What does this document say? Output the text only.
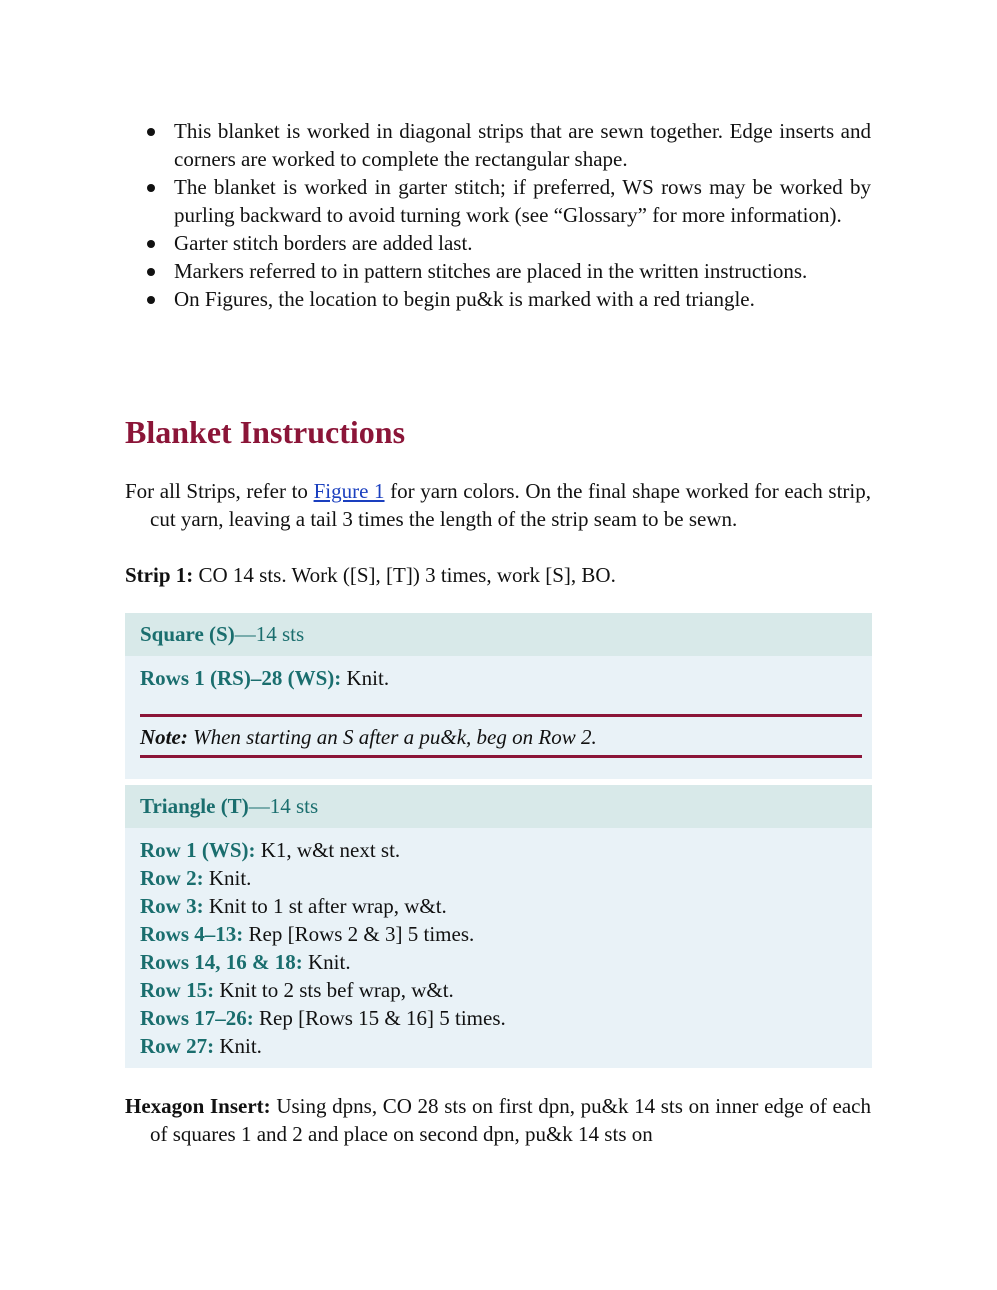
This blanket is worked in diagonal strips that are sewn together. Edge inserts and corners are worked to complete the rectangular shape.
The blanket is worked in garter stitch; if preferred, WS rows may be worked by purling backward to avoid turning work (see “Glossary” for more information).
Garter stitch borders are added last.
Markers referred to in pattern stitches are placed in the written instructions.
On Figures, the location to begin pu&k is marked with a red triangle.
Blanket Instructions

For all Strips, refer to Figure 1 for yarn colors. On the final shape worked for each strip, cut yarn, leaving a tail 3 times the length of the strip seam to be sewn.

Strip 1: CO 14 sts. Work ([S], [T]) 3 times, work [S], BO.

Square (S)—14 sts
Rows 1 (RS)–28 (WS): Knit.
Note: When starting an S after a pu&k, beg on Row 2.
Triangle (T)—14 sts
Row 1 (WS): K1, w&t next st.
Row 2: Knit.
Row 3: Knit to 1 st after wrap, w&t.
Rows 4–13: Rep [Rows 2 & 3] 5 times.
Rows 14, 16 & 18: Knit.
Row 15: Knit to 2 sts bef wrap, w&t.
Rows 17–26: Rep [Rows 15 & 16] 5 times.
Row 27: Knit.

Hexagon Insert: Using dpns, CO 28 sts on first dpn, pu&k 14 sts on inner edge of each of squares 1 and 2 and place on second dpn, pu&k 14 sts on
